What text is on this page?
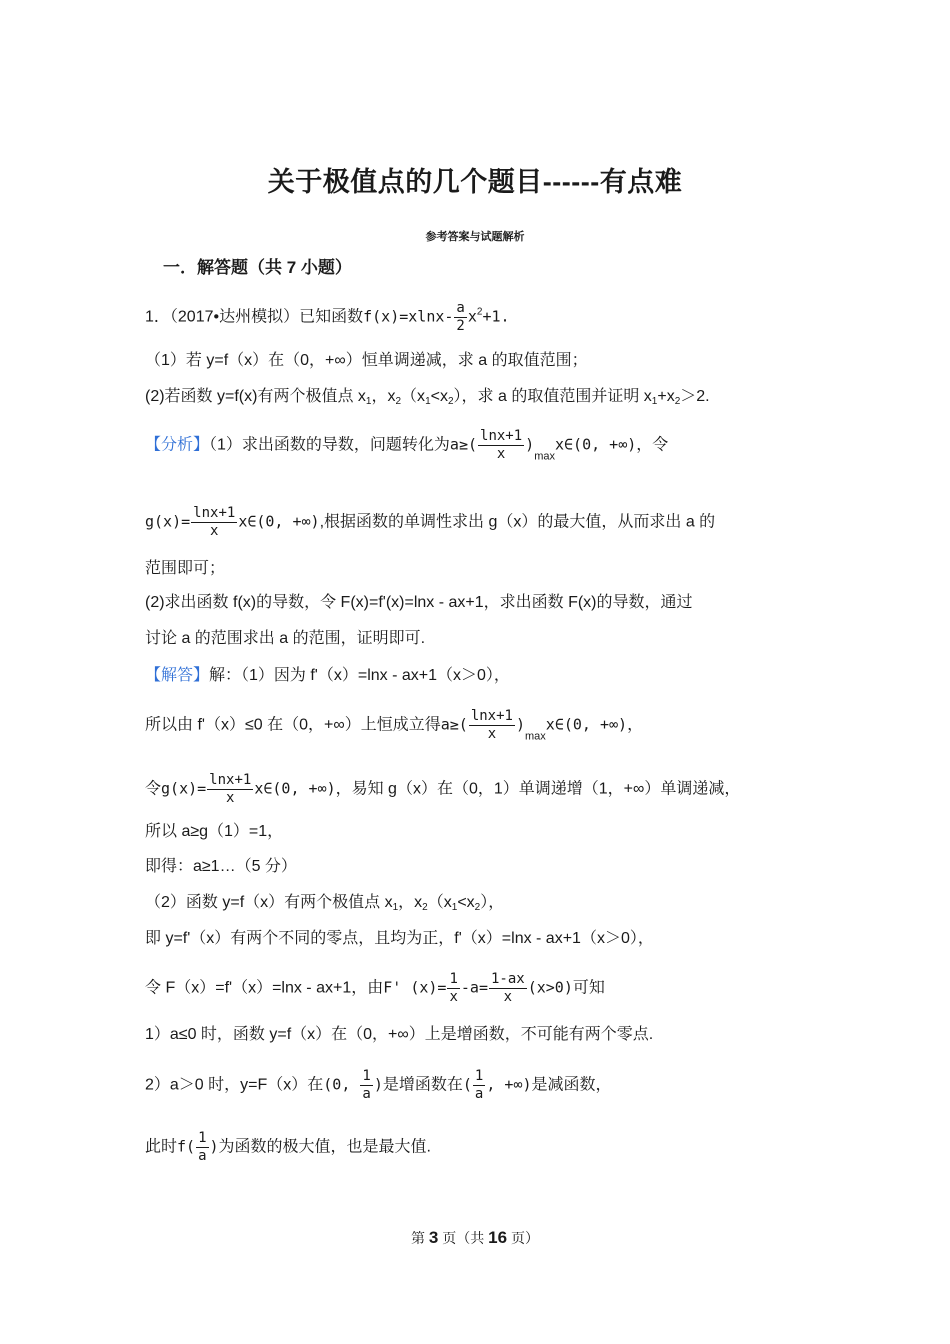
关于极值点的几个题目------有点难
参考答案与试题解析
一．解答题（共 7 小题）
1．（2017•达州模拟）已知函数$f(x)=xlnx- \frac{a}{2} x^2+1$.
（1）若 y=f（x）在（0，+∞）恒单调递减，求 a 的取值范围；
(2)若函数 y=f(x)有两个极值点 $x_1$，$x_2(x_1<x_2)$，求 a 的取值范围并证明 $x_1+x_2>2$.
【分析】（1）求出函数的导数，问题转化为$a\ge( \frac{\ln x+1}{x}$ )$_{max}x\in(0$, +∞)，令
$g(x)= \frac{\ln x+1}{x}$ x∈(0, +∞),根据函数的单调性求出 g（x）的最大值，从而求出 a 的
范围即可；
(2)求出函数 f(x)的导数，令 F(x)=f'(x)=lnx - ax+1，求出函数 F(x)的导数，通过
讨论 a 的范围求出 a 的范围，证明即可.
【解答】解：（1）因为 f'（x）=lnx - ax+1（x＞0），
所以由 f'（x）≤0 在（0，+∞）上恒成立得$a\ge( \frac{\ln x+1}{x}$ )$_{max}x\in(0$, +∞)，
令$g(x)= \frac{\ln x+1}{x}$ x∈(0, +∞)，易知 g（x）在（0，1）单调递增（1，+∞）单调递减，
所以 a≥g（1）=1，
即得：a≥1…（5 分）
（2）函数 y=f（x）有两个极值点 $x_1$，$x_2(x_1<x_2)$，
即 y=f'（x）有两个不同的零点，且均为正，f'（x）=lnx - ax+1（x＞0），
令 F（x）=f'（x）=lnx - ax+1，由F' $(x)= \frac{1}{x} -a= \frac{1-ax}{x} (x>0)$可知
1）a≤0 时，函数 y=f（x）在（0，+∞）上是增函数，不可能有两个零点.
2）a＞0 时，y=F（x）在(0, $\frac{1}{a}$ )是增函数在( $\frac{1}{a}$ , +∞)是减函数，
此时$f( \frac{1}{a}$ )为函数的极大值，也是最大值.
第 3 页（共 16 页）
